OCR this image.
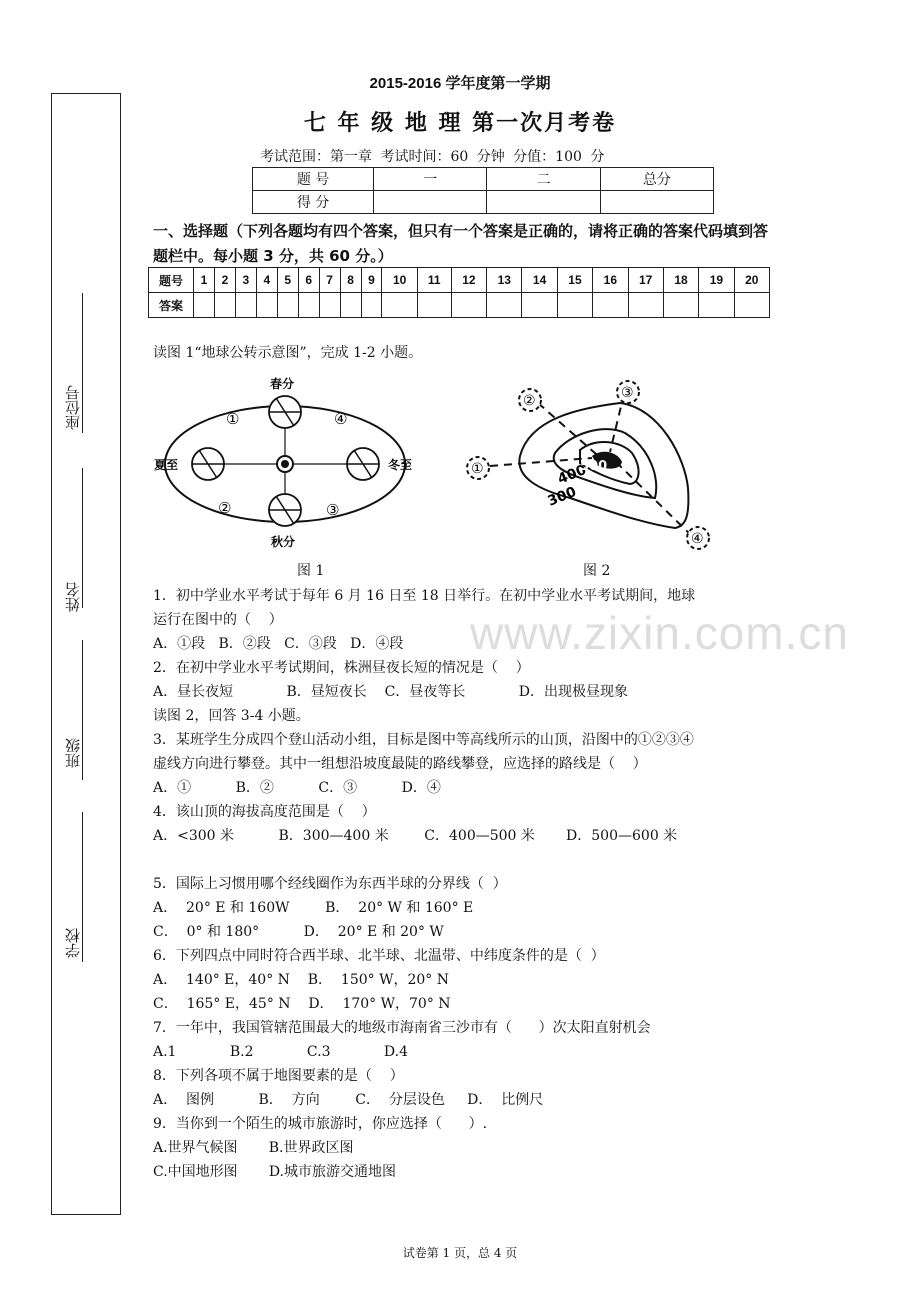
座位号
姓名
班级
学校
2015-2016 学年度第一学期
七 年 级 地 理 第一次月考卷
考试范围：第一章 考试时间：60 分钟 分值：100 分
题 号	一	二	总分
得 分			
一、选择题（下列各题均有四个答案，但只有一个答案是正确的，请将正确的答案代码填到答题栏中。每小题 3 分，共 60 分。）
题号	1	2	3	4	5	6	7	8	9	10	11	12	13	14	15	16	17	18	19	20
答案																				
读图 1“地球公转示意图”，完成 1-2 小题。
春分
夏至	冬至
秋分
①	④
②	③
300
400
500
①
②	③
④
图 1	图 2
1．初中学业水平考试于每年 6 月 16 日至 18 日举行。在初中学业水平考试期间，地球
运行在图中的（    ）
A．①段   B．②段   C．③段   D．④段
2．在初中学业水平考试期间，株洲昼夜长短的情况是（    ）
A．昼长夜短            B．昼短夜长    C．昼夜等长            D．出现极昼现象
读图 2，回答 3-4 小题。
3．某班学生分成四个登山活动小组，目标是图中等高线所示的山顶，沿图中的①②③④
虚线方向进行攀登。其中一组想沿坡度最陡的路线攀登，应选择的路线是（    ）
A．①          B．②          C．③          D．④
4．该山顶的海拔高度范围是（    ）
A．<300 米          B．300—400 米        C．400—500 米       D．500—600 米
5．国际上习惯用哪个经线圈作为东西半球的分界线（  ）
A．  20° E 和 160W        B．  20° W 和 160° E
C．  0° 和 180°          D．  20° E 和 20° W
6．下列四点中同时符合西半球、北半球、北温带、中纬度条件的是（  ）
A．  140° E，40° N    B．  150° W，20° N
C．  165° E，45° N    D．  170° W，70° N
7．一年中，我国管辖范围最大的地级市海南省三沙市有（      ）次太阳直射机会
A.1            B.2            C.3            D.4
8．下列各项不属于地图要素的是（    ）
A．  图例          B．  方向        C．  分层设色     D．  比例尺
9．当你到一个陌生的城市旅游时，你应选择（      ）.
A.世界气候图       B.世界政区图
C.中国地形图       D.城市旅游交通地图
www.zixin.com.cn
试卷第 1 页，总 4 页
